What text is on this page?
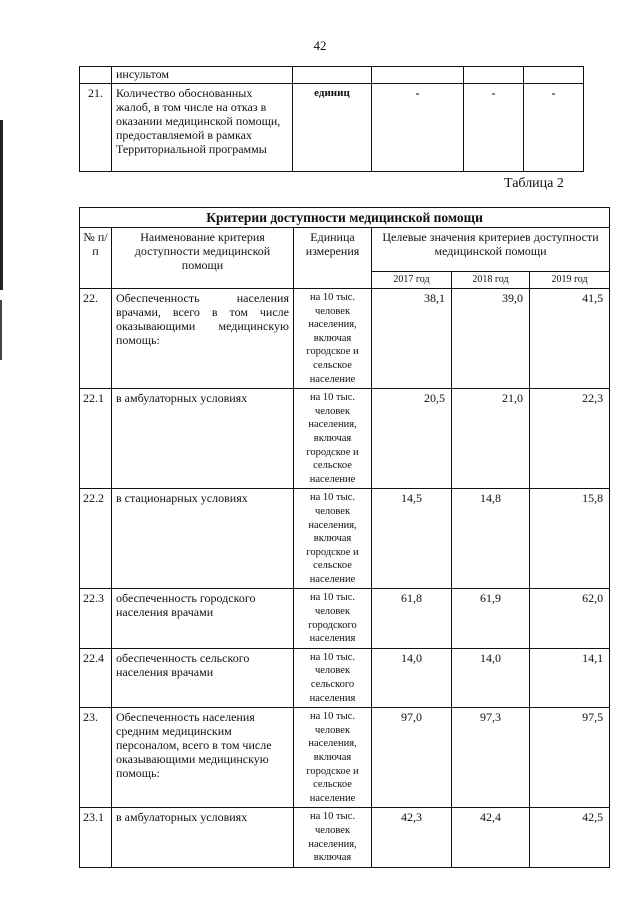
42
	инсультом				
21.	Количество обоснованных жалоб, в том числе на отказ в оказании медицинской помощи, предоставляемой в рамках Территориальной программы	единиц	-	-	-
Таблица 2
Критерии доступности медицинской помощи					
№ п/п	Наименование критерия доступности медицинской помощи	Единица измерения	Целевые значения критериев доступности медицинской помощи		
			2017 год	2018 год	2019 год
22.	Обеспеченность населения врачами, всего в том числе оказывающими медицинскую помощь:	на 10 тыс. человек населения, включая городское и сельское население	38,1	39,0	41,5
22.1	в амбулаторных условиях	на 10 тыс. человек населения, включая городское и сельское население	20,5	21,0	22,3
22.2	в стационарных условиях	на 10 тыс. человек населения, включая городское и сельское население	14,5	14,8	15,8
22.3	обеспеченность городского населения врачами	на 10 тыс. человек городского населения	61,8	61,9	62,0
22.4	обеспеченность сельского населения врачами	на 10 тыс. человек сельского населения	14,0	14,0	14,1
23.	Обеспеченность населения средним медицинским персоналом, всего в том числе оказывающими медицинскую помощь:	на 10 тыс. человек населения, включая городское и сельское население	97,0	97,3	97,5
23.1	в амбулаторных условиях	на 10 тыс. человек населения, включая	42,3	42,4	42,5
